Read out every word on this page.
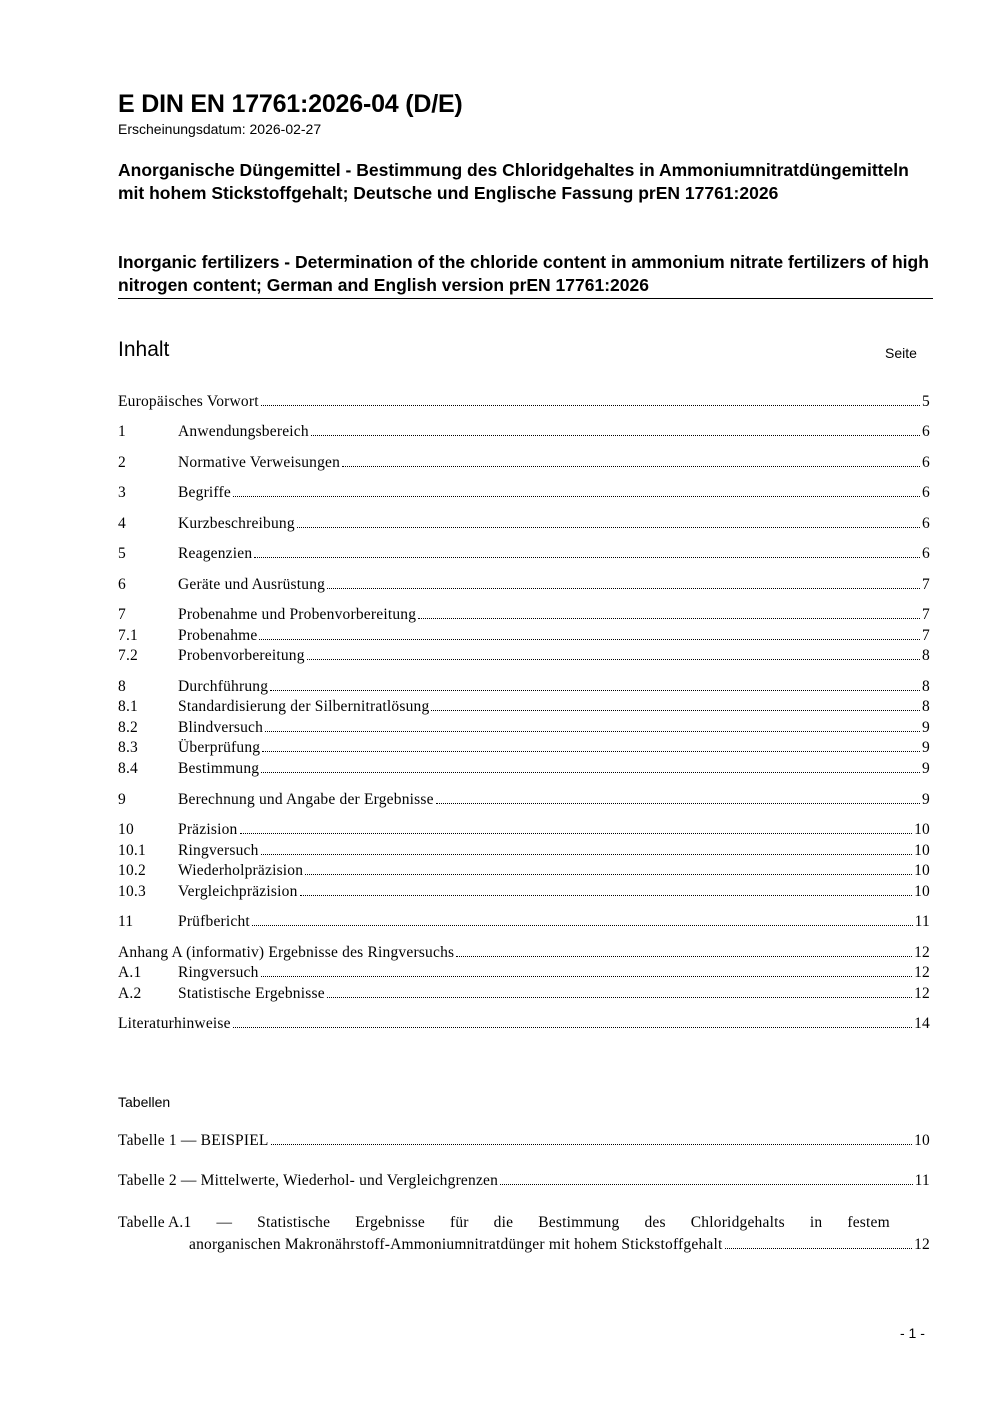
E DIN EN 17761:2026-04 (D/E)
Erscheinungsdatum: 2026-02-27
Anorganische Düngemittel - Bestimmung des Chloridgehaltes in Ammoniumnitratdüngemitteln mit hohem Stickstoffgehalt; Deutsche und Englische Fassung prEN 17761:2026
Inorganic fertilizers - Determination of the chloride content in ammonium nitrate fertilizers of high nitrogen content; German and English version prEN 17761:2026
Inhalt	Seite
Europäisches Vorwort	5
1	Anwendungsbereich	6
2	Normative Verweisungen	6
3	Begriffe	6
4	Kurzbeschreibung	6
5	Reagenzien	6
6	Geräte und Ausrüstung	7
7	Probenahme und Probenvorbereitung	7
7.1	Probenahme	7
7.2	Probenvorbereitung	8
8	Durchführung	8
8.1	Standardisierung der Silbernitratlösung	8
8.2	Blindversuch	9
8.3	Überprüfung	9
8.4	Bestimmung	9
9	Berechnung und Angabe der Ergebnisse	9
10	Präzision	10
10.1	Ringversuch	10
10.2	Wiederholpräzision	10
10.3	Vergleichpräzision	10
11	Prüfbericht	11
Anhang A (informativ) Ergebnisse des Ringversuchs	12
A.1	Ringversuch	12
A.2	Statistische Ergebnisse	12
Literaturhinweise	14
Tabellen
Tabelle 1 — BEISPIEL	10
Tabelle 2 — Mittelwerte, Wiederhol- und Vergleichgrenzen	11
Tabelle A.1 — Statistische Ergebnisse für die Bestimmung des Chloridgehalts in festem
anorganischen Makronährstoff-Ammoniumnitratdünger mit hohem Stickstoffgehalt	12
- 1 -
